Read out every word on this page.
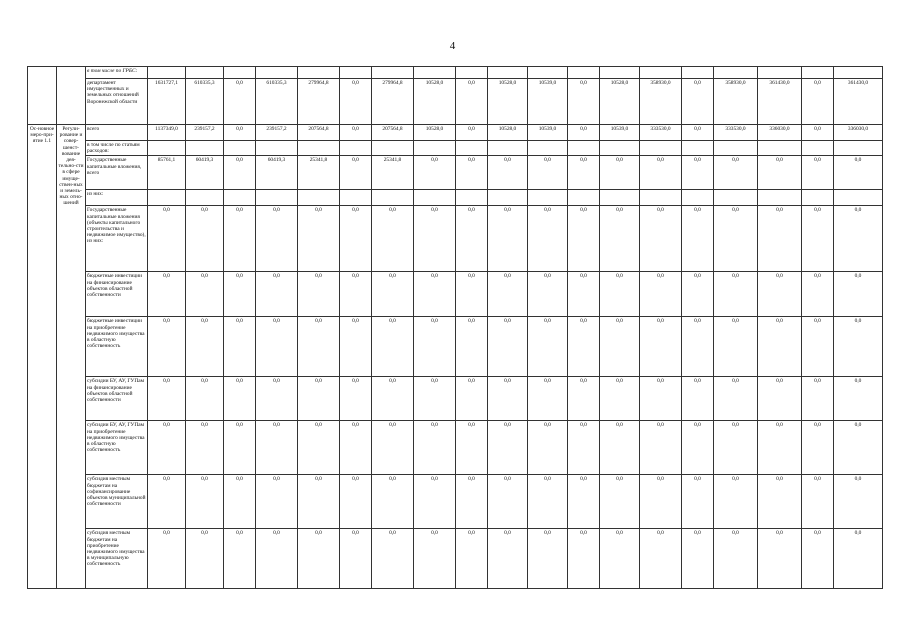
4
		в том числе по ГРБС:																			
		департамент имущественных и земельных отношений Воронежской области	1631727,1	610335,3	0,0	610335,3	279964,8	0,0	279964,8	10528,0	0,0	10528,0	10539,0	0,0	10528,0	358930,0	0,0	358930,0	361430,0	0,0	361430,0
Ос-новное меро-при-ятие 1.1	Регули-рование и совер-шенст-вование дея-тельно-сти в сфере имуще-ствен-ных и земель-ных отно-шений	всего	1137349,0	239157,2	0,0	239157,2	207564,8	0,0	207564,8	10528,0	0,0	10528,0	10539,0	0,0	10539,0	333530,0	0,0	333530,0	336030,0	0,0	336030,0
		в том числе по статьям расходов:																			
		Государственные капитальные вложения, всего	85761,1	60419,3	0,0	60419,3	25341,8	0,0	25341,8	0,0	0,0	0,0	0,0	0,0	0,0	0,0	0,0	0,0	0,0	0,0	0,0
		из них:																			
		Государственные капитальные вложения (объекты капитального строительства и недвижимое имущество), из них:	0,0	0,0	0,0	0,0	0,0	0,0	0,0	0,0	0,0	0,0	0,0	0,0	0,0	0,0	0,0	0,0	0,0	0,0	0,0
		бюджетные инвестиции на финансирование объектов областной собственности	0,0	0,0	0,0	0,0	0,0	0,0	0,0	0,0	0,0	0,0	0,0	0,0	0,0	0,0	0,0	0,0	0,0	0,0	0,0
		бюджетные инвестиции на приобретение недвижимого имущества в областную собственность	0,0	0,0	0,0	0,0	0,0	0,0	0,0	0,0	0,0	0,0	0,0	0,0	0,0	0,0	0,0	0,0	0,0	0,0	0,0
		субсидии БУ, АУ, ГУПам на финансирование объектов областной собственности	0,0	0,0	0,0	0,0	0,0	0,0	0,0	0,0	0,0	0,0	0,0	0,0	0,0	0,0	0,0	0,0	0,0	0,0	0,0
		субсидии БУ, АУ, ГУПам на приобретение недвижимого имущества в областную собственность	0,0	0,0	0,0	0,0	0,0	0,0	0,0	0,0	0,0	0,0	0,0	0,0	0,0	0,0	0,0	0,0	0,0	0,0	0,0
		субсидия местным бюджетам на софинансирование объектов муниципальной собственности	0,0	0,0	0,0	0,0	0,0	0,0	0,0	0,0	0,0	0,0	0,0	0,0	0,0	0,0	0,0	0,0	0,0	0,0	0,0
		субсидия местным бюджетам на приобретение недвижимого имущества в муниципальную собственность	0,0	0,0	0,0	0,0	0,0	0,0	0,0	0,0	0,0	0,0	0,0	0,0	0,0	0,0	0,0	0,0	0,0	0,0	0,0
